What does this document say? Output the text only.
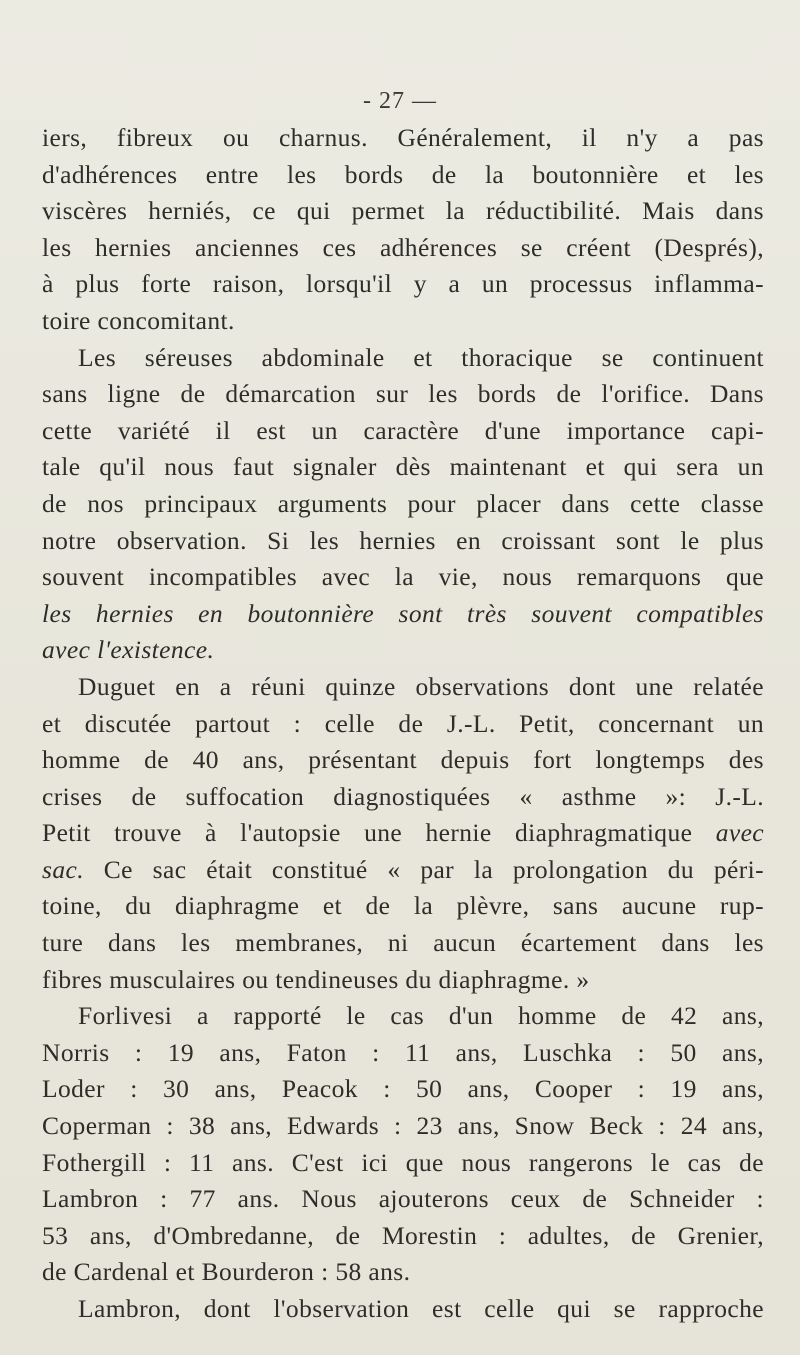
- 27 —
iers, fibreux ou charnus. Généralement, il n'y a pas
d'adhérences entre les bords de la boutonnière et les
viscères herniés, ce qui permet la réductibilité. Mais dans
les hernies anciennes ces adhérences se créent (Després),
à plus forte raison, lorsqu'il y a un processus inflamma-
toire concomitant.
Les séreuses abdominale et thoracique se continuent
sans ligne de démarcation sur les bords de l'orifice. Dans
cette variété il est un caractère d'une importance capi-
tale qu'il nous faut signaler dès maintenant et qui sera un
de nos principaux arguments pour placer dans cette classe
notre observation. Si les hernies en croissant sont le plus
souvent incompatibles avec la vie, nous remarquons que
les hernies en boutonnière sont très souvent compatibles
avec l'existence.
Duguet en a réuni quinze observations dont une relatée
et discutée partout : celle de J.-L. Petit, concernant un
homme de 40 ans, présentant depuis fort longtemps des
crises de suffocation diagnostiquées « asthme »: J.-L.
Petit trouve à l'autopsie une hernie diaphragmatique avec
sac. Ce sac était constitué « par la prolongation du péri-
toine, du diaphragme et de la plèvre, sans aucune rup-
ture dans les membranes, ni aucun écartement dans les
fibres musculaires ou tendineuses du diaphragme. »
Forlivesi a rapporté le cas d'un homme de 42 ans,
Norris : 19 ans, Faton : 11 ans, Luschka : 50 ans,
Loder : 30 ans, Peacok : 50 ans, Cooper : 19 ans,
Coperman : 38 ans, Edwards : 23 ans, Snow Beck : 24 ans,
Fothergill : 11 ans. C'est ici que nous rangerons le cas de
Lambron : 77 ans. Nous ajouterons ceux de Schneider :
53 ans, d'Ombredanne, de Morestin : adultes, de Grenier,
de Cardenal et Bourderon : 58 ans.
Lambron, dont l'observation est celle qui se rapproche
